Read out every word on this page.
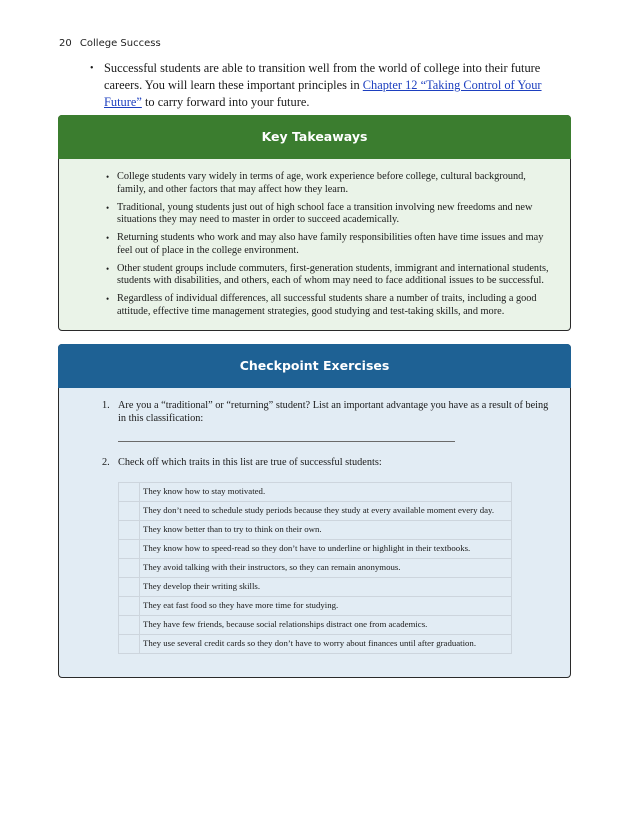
20 College Success
• Successful students are able to transition well from the world of college into their future careers. You will learn these important principles in Chapter 12 “Taking Control of Your Future” to carry forward into your future.
Key Takeaways
• College students vary widely in terms of age, work experience before college, cultural background, family, and other factors that may affect how they learn.
• Traditional, young students just out of high school face a transition involving new freedoms and new situations they may need to master in order to succeed academically.
• Returning students who work and may also have family responsibilities often have time issues and may feel out of place in the college environment.
• Other student groups include commuters, first-generation students, immigrant and international students, students with disabilities, and others, each of whom may need to face additional issues to be successful.
• Regardless of individual differences, all successful students share a number of traits, including a good attitude, effective time management strategies, good studying and test-taking skills, and more.
Checkpoint Exercises
1. Are you a “traditional” or “returning” student? List an important advantage you have as a result of being in this classification:
2. Check off which traits in this list are true of successful students:
	They know how to stay motivated.
	They don’t need to schedule study periods because they study at every available moment every day.
	They know better than to try to think on their own.
	They know how to speed-read so they don’t have to underline or highlight in their textbooks.
	They avoid talking with their instructors, so they can remain anonymous.
	They develop their writing skills.
	They eat fast food so they have more time for studying.
	They have few friends, because social relationships distract one from academics.
	They use several credit cards so they don’t have to worry about finances until after graduation.
